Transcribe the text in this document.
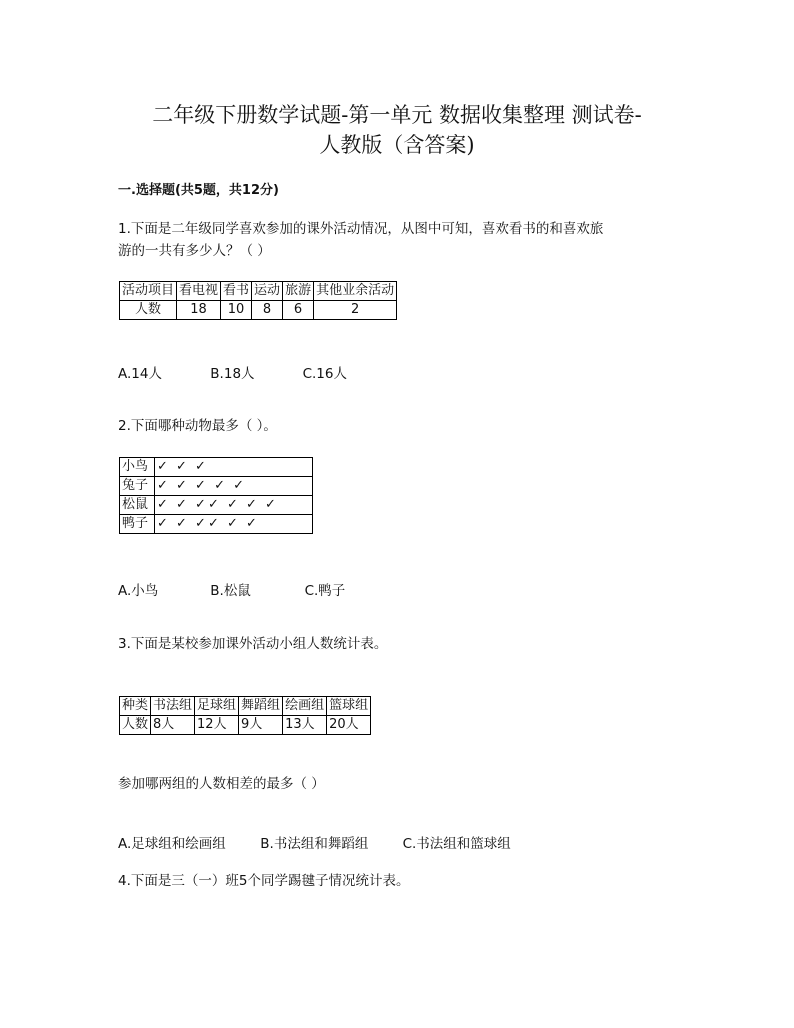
二年级下册数学试题-第一单元 数据收集整理 测试卷-
人教版（含答案)
一.选择题(共5题，共12分)
1.下面是二年级同学喜欢参加的课外活动情况，从图中可知，喜欢看书的和喜欢旅
游的一共有多少人？（ ）
活动项目	看电视	看书	运动	旅游	其他业余活动
人数	18	10	8	6	2
A.14人	B.18人	C.16人
2.下面哪种动物最多（ ）。
小鸟	✓ ✓ ✓
兔子	✓ ✓ ✓ ✓ ✓
松鼠	✓ ✓ ✓✓ ✓ ✓ ✓
鸭子	✓ ✓ ✓✓ ✓ ✓
A.小鸟	B.松鼠	C.鸭子
3.下面是某校参加课外活动小组人数统计表。
种类	书法组	足球组	舞蹈组	绘画组	篮球组
人数	8人	12人	9人	13人	20人
参加哪两组的人数相差的最多（ ）
A.足球组和绘画组	B.书法组和舞蹈组	C.书法组和篮球组
4.下面是三（一）班5个同学踢毽子情况统计表。
